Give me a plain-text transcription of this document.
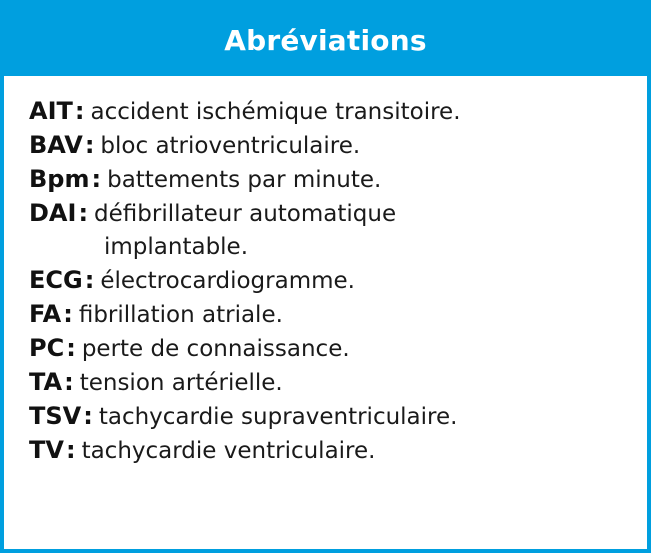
Abréviations
AIT: accident ischémique transitoire.
BAV: bloc atrioventriculaire.
Bpm: battements par minute.
DAI: défibrillateur automatique
implantable.
ECG: électrocardiogramme.
FA: fibrillation atriale.
PC: perte de connaissance.
TA: tension artérielle.
TSV: tachycardie supraventriculaire.
TV: tachycardie ventriculaire.
